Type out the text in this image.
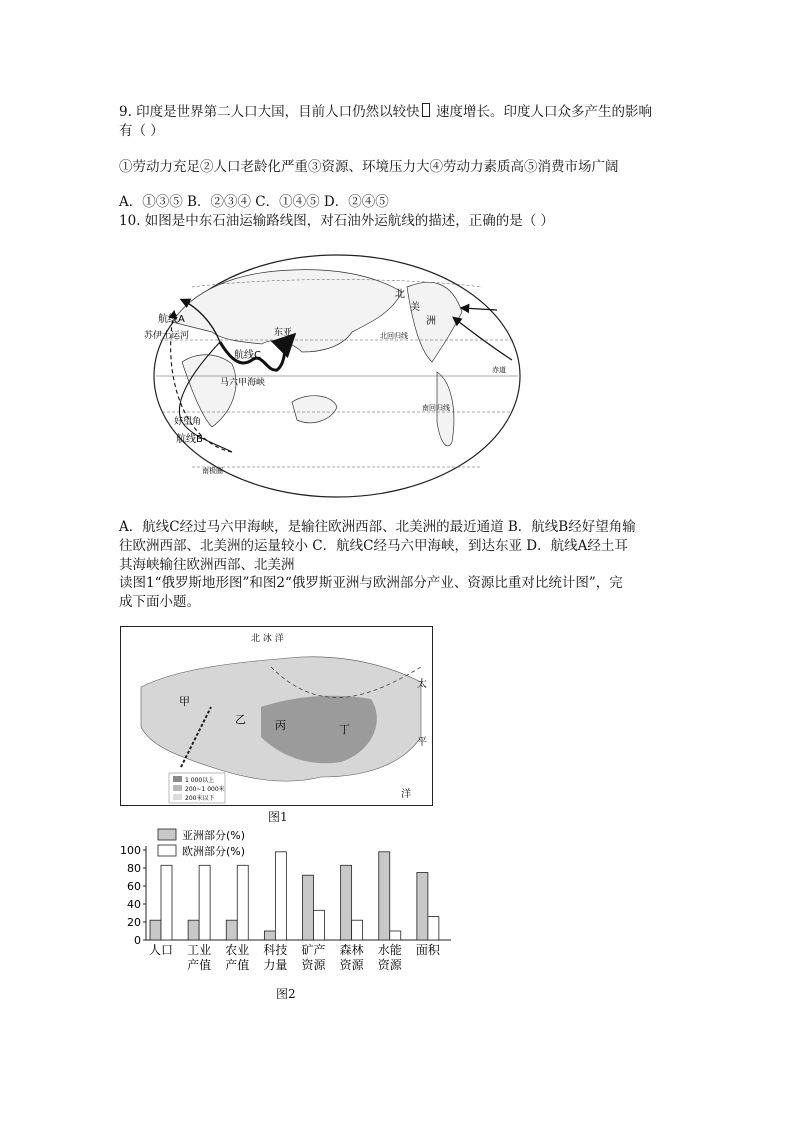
9. 印度是世界第二人口大国，目前人口仍然以较快 速度增长。印度人口众多产生的影响
有（ ）
①劳动力充足②人口老龄化严重③资源、环境压力大④劳动力素质高⑤消费市场广阔
A．①③⑤ B．②③④ C．①④⑤ D．②④⑤
10. 如图是中东石油运输路线图，对石油外运航线的描述，正确的是（ ）
航线A
苏伊士运河
航线C
马六甲海峡
好望角
航线B
东亚
北
美
洲
北回归线
赤道
南回归线
南极圈
A．航线C经过马六甲海峡，是输往欧洲西部、北美洲的最近通道 B．航线B经好望角输
往欧洲西部、北美洲的运量较小 C．航线C经马六甲海峡，到达东亚 D．航线A经土耳
其海峡输往欧洲西部、北美洲
读图1“俄罗斯地形图”和图2“俄罗斯亚洲与欧洲部分产业、资源比重对比统计图”，完
成下面小题。
北 冰 洋
甲
乙	丙	丁
太
平
洋
1 000以上
200~1 000米
200米以下
图1
亚洲部分(%)
欧洲部分(%)
0
20
40
60
80
100
人口 工业
产值
农业
产值
科技
力量
矿产
资源
森林
资源
水能
资源
面积
图2
